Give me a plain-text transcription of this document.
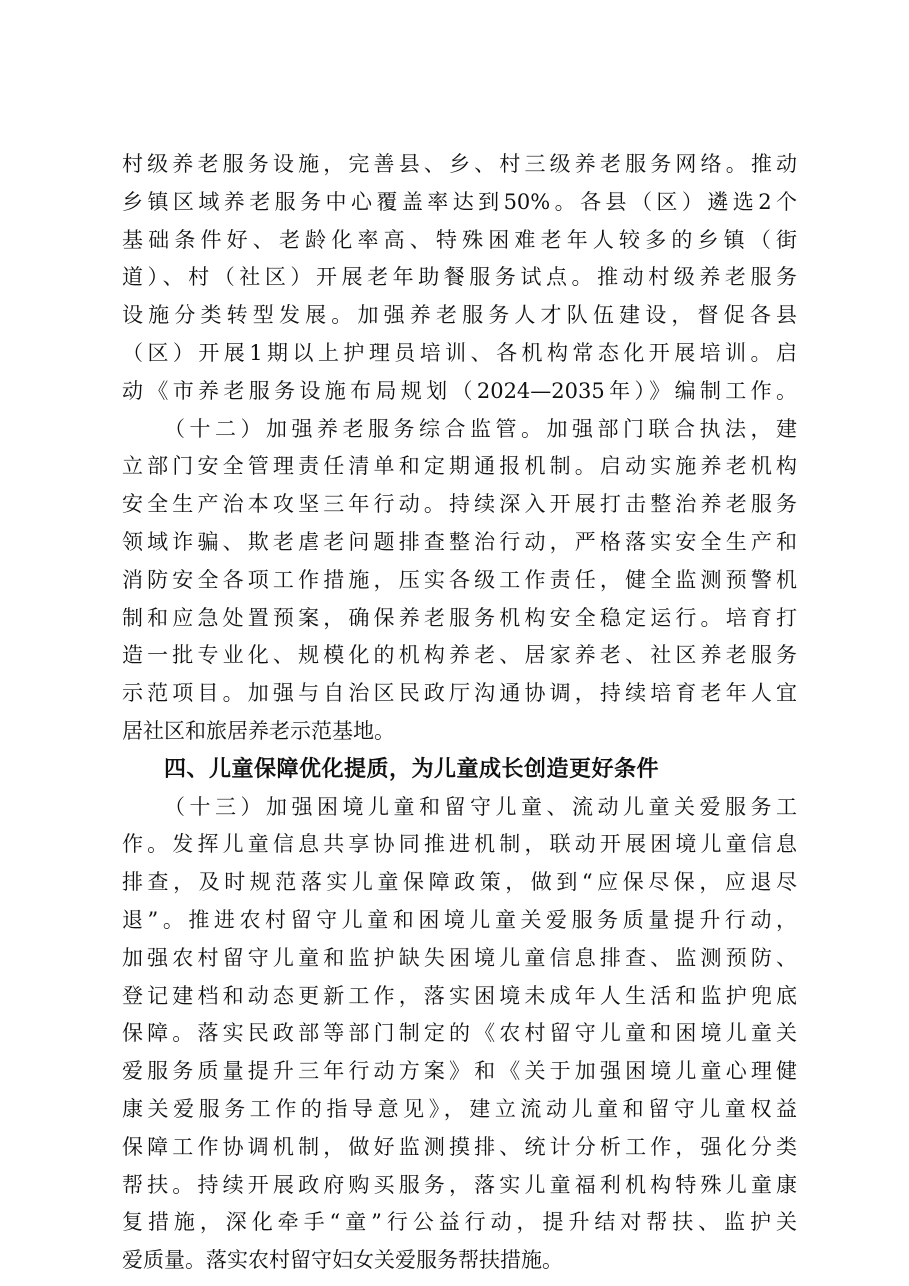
村级养老服务设施，完善县、乡、村三级养老服务网络。推动
乡镇区域养老服务中心覆盖率达到50%。各县（区）遴选2个
基础条件好、老龄化率高、特殊困难老年人较多的乡镇（街
道）、村（社区）开展老年助餐服务试点。推动村级养老服务
设施分类转型发展。加强养老服务人才队伍建设，督促各县
（区）开展1期以上护理员培训、各机构常态化开展培训。启
动《市养老服务设施布局规划（2024—2035年）》编制工作。
（十二）加强养老服务综合监管。加强部门联合执法，建
立部门安全管理责任清单和定期通报机制。启动实施养老机构
安全生产治本攻坚三年行动。持续深入开展打击整治养老服务
领域诈骗、欺老虐老问题排查整治行动，严格落实安全生产和
消防安全各项工作措施，压实各级工作责任，健全监测预警机
制和应急处置预案，确保养老服务机构安全稳定运行。培育打
造一批专业化、规模化的机构养老、居家养老、社区养老服务
示范项目。加强与自治区民政厅沟通协调，持续培育老年人宜
居社区和旅居养老示范基地。
四、儿童保障优化提质，为儿童成长创造更好条件
（十三）加强困境儿童和留守儿童、流动儿童关爱服务工
作。发挥儿童信息共享协同推进机制，联动开展困境儿童信息
排查，及时规范落实儿童保障政策，做到“应保尽保，应退尽
退”。推进农村留守儿童和困境儿童关爱服务质量提升行动，
加强农村留守儿童和监护缺失困境儿童信息排查、监测预防、
登记建档和动态更新工作，落实困境未成年人生活和监护兜底
保障。落实民政部等部门制定的《农村留守儿童和困境儿童关
爱服务质量提升三年行动方案》和《关于加强困境儿童心理健
康关爱服务工作的指导意见》，建立流动儿童和留守儿童权益
保障工作协调机制，做好监测摸排、统计分析工作，强化分类
帮扶。持续开展政府购买服务，落实儿童福利机构特殊儿童康
复措施，深化牵手“童”行公益行动，提升结对帮扶、监护关
爱质量。落实农村留守妇女关爱服务帮扶措施。
